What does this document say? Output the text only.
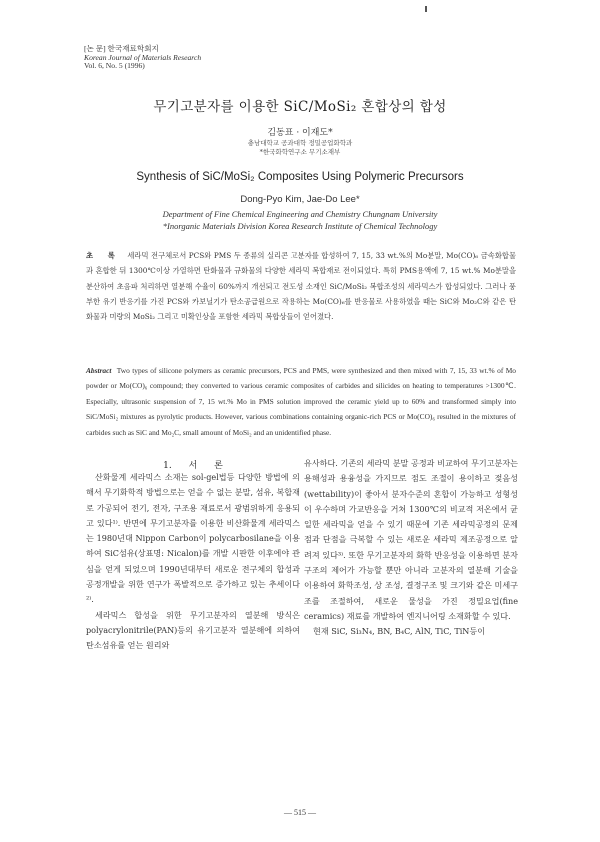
[논 문] 한국재료학회지
Korean Journal of Materials Research
Vol. 6, No. 5 (1996)
무기고분자를 이용한 SiC/MoSi₂ 혼합상의 합성
김동표 · 이재도*
충남대학교 공과대학 정밀공업화학과
*한국화학연구소 무기소재부
Synthesis of SiC/MoSi₂ Composites Using Polymeric Precursors
Dong-Pyo Kim, Jae-Do Lee*
Department of Fine Chemical Engineering and Chemistry Chungnam University
*Inorganic Materials Division Korea Research Institute of Chemical Technology
초 록 세라믹 전구체로서 PCS와 PMS 두 종류의 실리콘 고분자를 합성하여 7, 15, 33 wt.%의 Mo분말, Mo(CO)₆ 금속화합물과 혼합한 뒤 1300℃이상 가열하면 탄화물과 규화물의 다양한 세라믹 복합재로 전이되었다. 특히 PMS용액에 7, 15 wt.% Mo분말을 분산하여 초음파 처리하면 열분해 수율이 60%까지 개선되고 전도성 소재인 SiC/MoSi₂ 복합조성의 세라믹스가 합성되었다. 그러나 풍부한 유기 반응기를 가진 PCS와 카보닐기가 탄소공급원으로 작용하는 Mo(CO)₆를 반응물로 사용하였을 때는 SiC와 Mo₂C와 같은 탄화물과 미량의 MoSi₂ 그리고 미확인상을 포함한 세라믹 복합상들이 얻어졌다.
Abstract Two types of silicone polymers as ceramic precursors, PCS and PMS, were synthesized and then mixed with 7, 15, 33 wt.% of Mo powder or Mo(CO)₆ compound; they converted to various ceramic composites of carbides and silicides on heating to temperatures >1300℃. Especially, ultrasonic suspension of 7, 15 wt.% Mo in PMS solution improved the ceramic yield up to 60% and transformed simply into SiC/MoSi₂ mixtures as pyrolytic products. However, various combinations containing organic-rich PCS or Mo(CO)₆ resulted in the mixtures of carbides such as SiC and Mo₂C, small amount of MoSi₂ and an unidentified phase.
1. 서 론

산화물계 세라믹스 소재는 sol-gel법등 다양한 방법에 의해서 무기화학적 방법으로는 얻을 수 없는 분말, 섬유, 복합재로 가공되어 전기, 전자, 구조용 재료로서 광범위하게 응용되고 있다¹⁾. 반면에 무기고분자를 이용한 비산화물계 세라믹스는 1980년대 Nippon Carbon이 polycarbosilane을 이용하여 SiC섬유(상표명: Nicalon)를 개발 시판한 이후에야 관심을 얻게 되었으며 1990년대부터 새로운 전구체의 합성과 공정개발을 위한 연구가 폭발적으로 증가하고 있는 추세이다²⁾.

세라믹스 합성을 위한 무기고분자의 열분해 방식은 polyacrylonitrile(PAN)등의 유기고분자 열분해에 의하여 탄소섬유를 얻는 원리와

유사하다. 기존의 세라믹 분말 공정과 비교하여 무기고분자는 용해성과 용융성을 가지므로 점도 조절이 용이하고 젖음성(wettability)이 좋아서 분자수준의 혼합이 가능하고 성형성이 우수하며 가교반응을 거쳐 1300℃의 비교적 저온에서 균일한 세라믹을 얻을 수 있기 때문에 기존 세라믹공정의 문제점과 단점을 극복할 수 있는 새로운 세라믹 제조공정으로 알려져 있다³⁾. 또한 무기고분자의 화학 반응성을 이용하면 분자구조의 제어가 가능할 뿐만 아니라 고분자의 열분해 기술을 이용하여 화학조성, 상 조성, 결정구조 및 크기와 같은 미세구조를 조절하여, 새로운 물성을 가진 정밀요업(fine ceramics) 재료를 개발하여 엔지니어링 소재화할 수 있다.

현재 SiC, Si₃N₄, BN, B₄C, AlN, TiC, TiN등이

— 515 —
